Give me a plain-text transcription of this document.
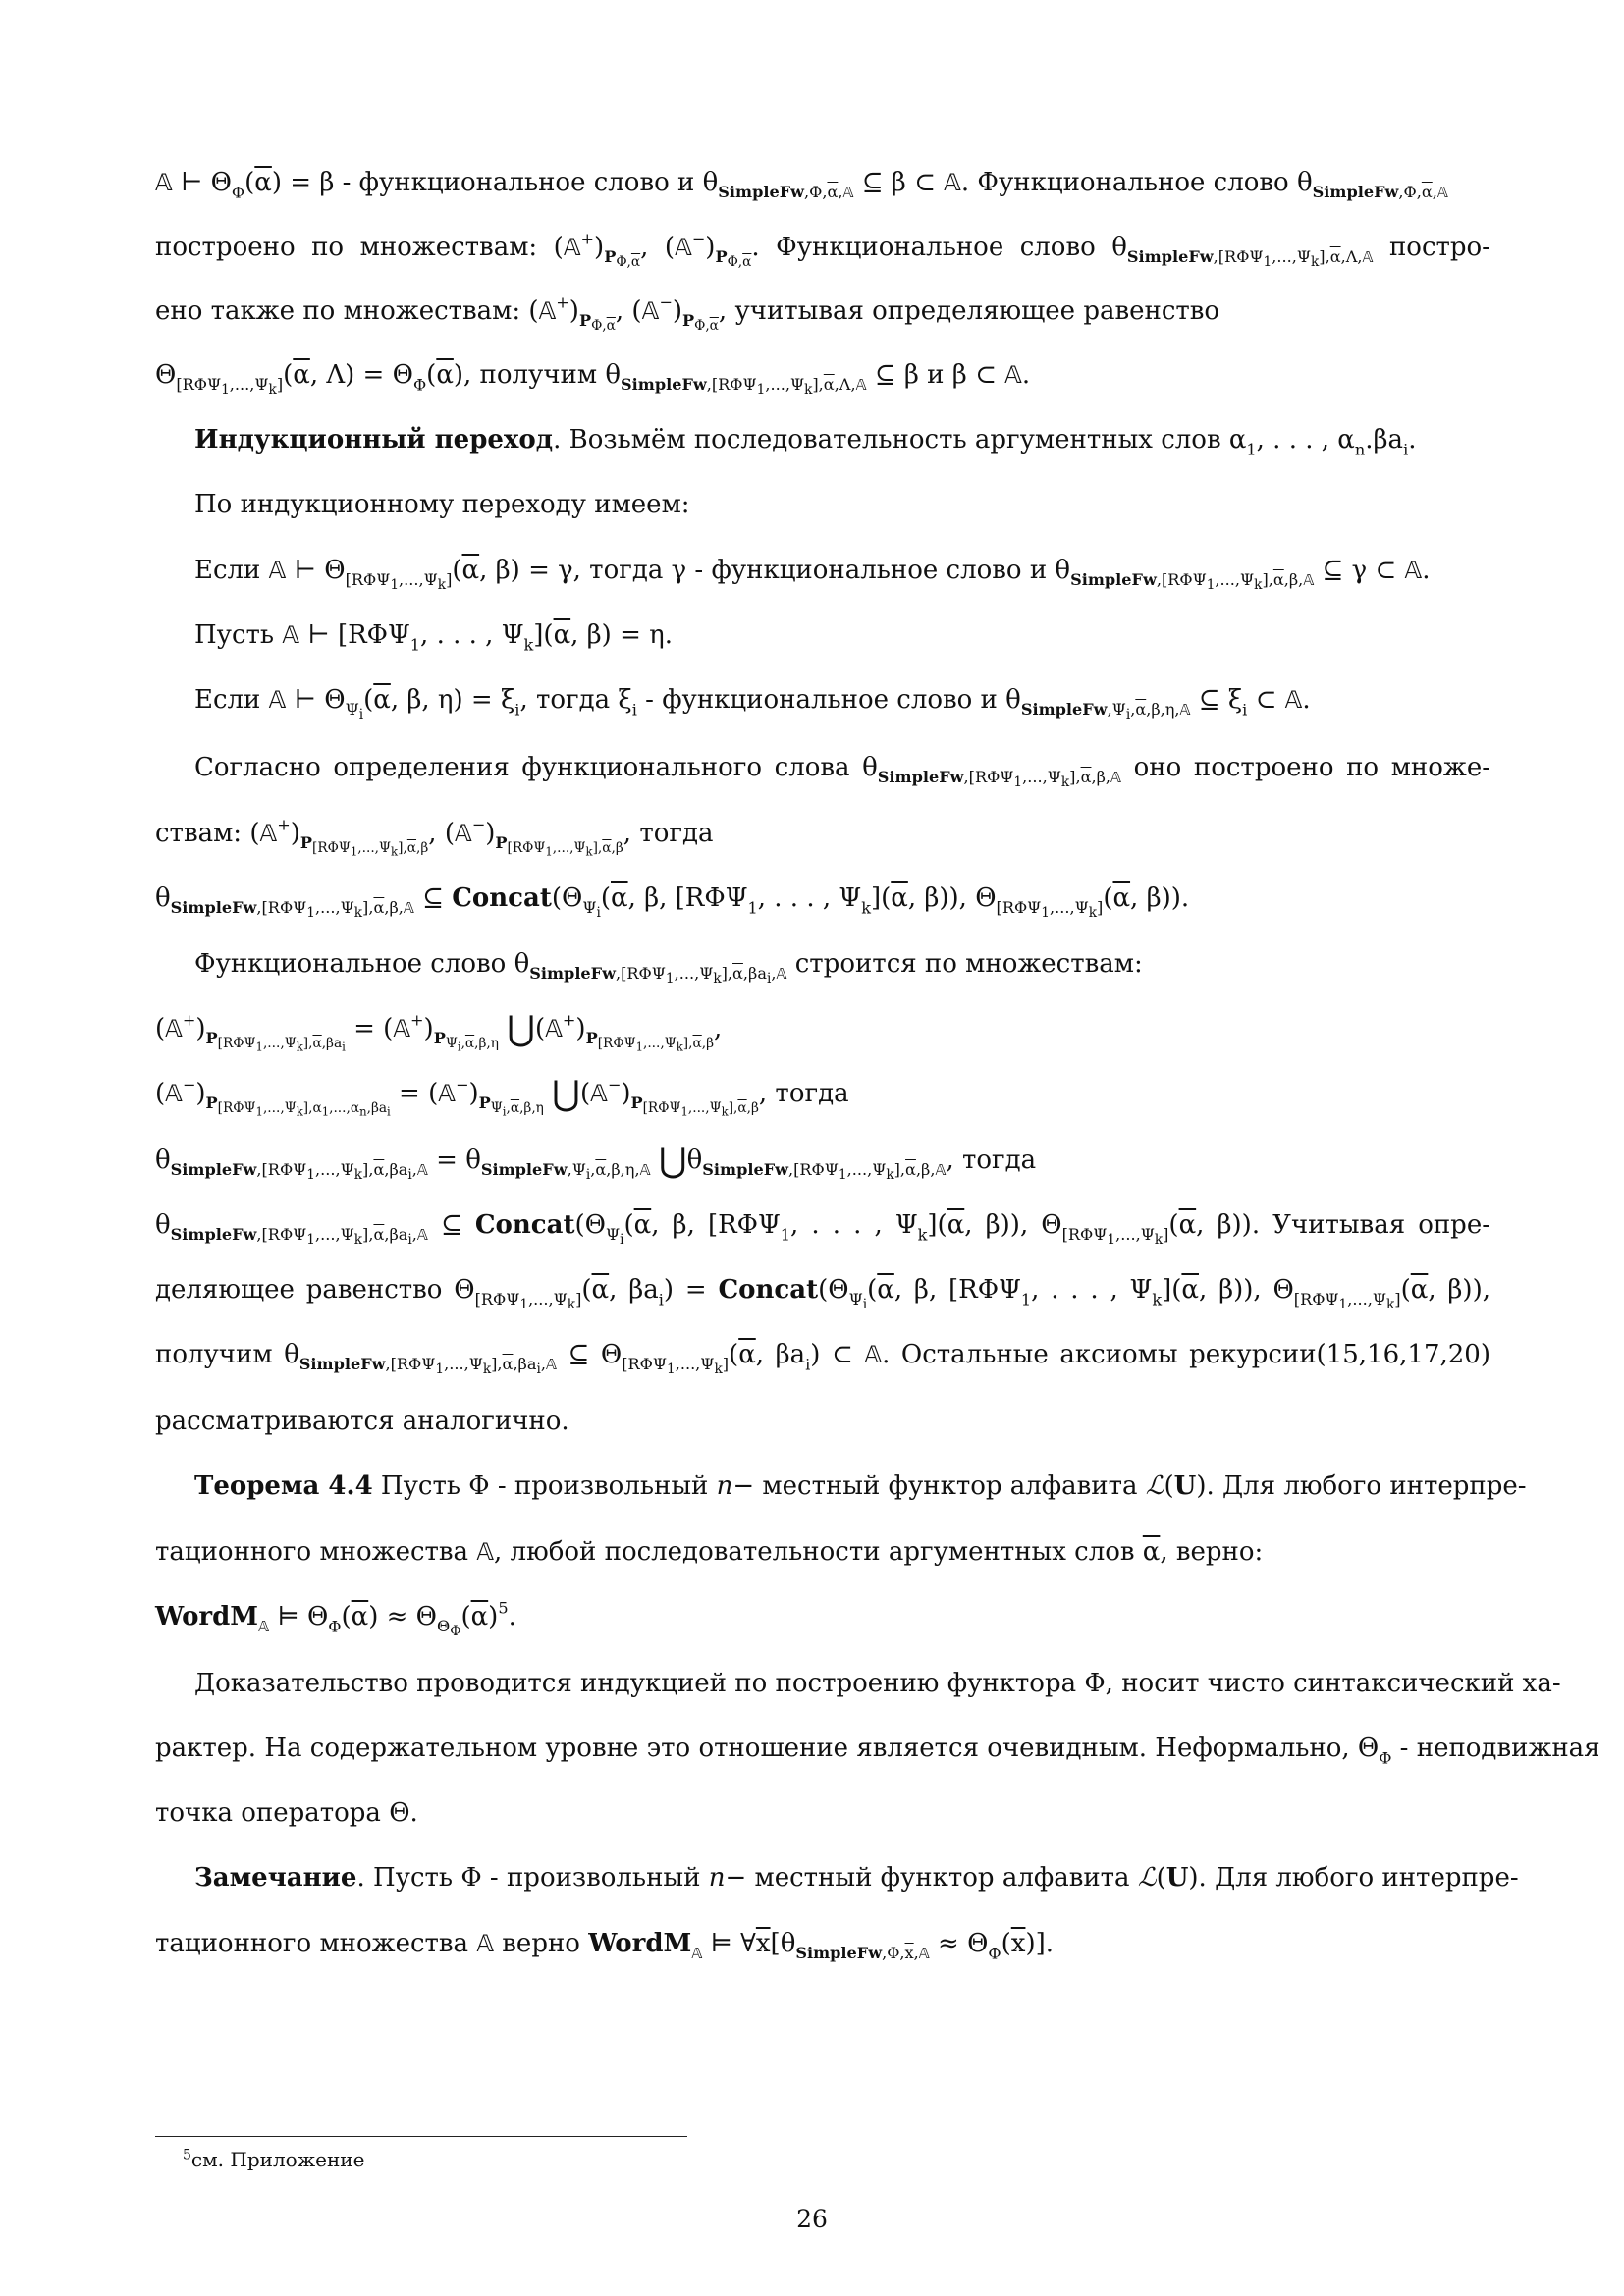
𝔸 ⊢ $\Theta_\Phi(\overline{\alpha}) = \beta$ - функциональное слово и $\theta_{SimpleFw,\Phi,\overline{\alpha},𝔸}$ ⊆ β ⊂ 𝔸. Функциональное слово $\theta_{SimpleFw,\Phi,\overline{\alpha},𝔸}$
построено по множествам: $(𝔸^+)_{P_{\Phi,\overline{\alpha}}}$, $(𝔸^-)_{P_{\Phi,\overline{\alpha}}}$. Функциональное слово $\theta_{SimpleFw,[R\Phi\Psi_1,...,\Psi_k],\overline{\alpha},\Lambda,𝔸}$ постро-
ено также по множествам: $(𝔸^+)_{P_{\Phi,\overline{\alpha}}}$, $(𝔸^-)_{P_{\Phi,\overline{\alpha}}}$, учитывая определяющее равенство
$\Theta_{[R\Phi\Psi_1,...,\Psi_k]}(\overline{\alpha}$, $\Lambda) = \Theta_\Phi(\overline{\alpha})$, получим $\theta_{SimpleFw,[R\Phi\Psi_1,...,\Psi_k],\overline{\alpha},\Lambda,𝔸}$ ⊆ β и β ⊂ 𝔸.
Индукционный переход. Возьмём последовательность аргументных слов $\alpha_1$, . . . , $\alpha_n.\beta a_i$.
По индукционному переходу имеем:
Если 𝔸 ⊢ $\Theta_{[R\Phi\Psi_1,...,\Psi_k]}(\overline{\alpha}$, β) = γ, тогда γ - функциональное слово и $\theta_{SimpleFw,[R\Phi\Psi_1,...,\Psi_k],\overline{\alpha},\beta,𝔸}$ ⊆ γ ⊂ 𝔸.
Пусть 𝔸 ⊢ [$R\Phi\Psi_1$, . . . , $\Psi_k](\overline{\alpha}$, β) = η.
Если 𝔸 ⊢ $\Theta_{\Psi_i}(\overline{\alpha}$, β, $\eta) = \xi_i$, тогда $\xi_i$ - функциональное слово и $\theta_{SimpleFw,\Psi_i,\overline{\alpha},\beta,\eta,𝔸}$ ⊆ $\xi_i$ ⊂ 𝔸.
Согласно определения функционального слова $\theta_{SimpleFw,[R\Phi\Psi_1,...,\Psi_k],\overline{\alpha},\beta,𝔸}$ оно построено по множе-
ствам: $(𝔸^+)_{P_{[R\Phi\Psi_1,...,\Psi_k],\overline{\alpha},\beta}}$, $(𝔸^-)_{P_{[R\Phi\Psi_1,...,\Psi_k],\overline{\alpha},\beta}}$, тогда
$\theta_{SimpleFw,[R\Phi\Psi_1,...,\Psi_k],\overline{\alpha},\beta,𝔸}$ ⊆ $Concat(\Theta_{\Psi_i}(\overline{\alpha}$, β, [$R\Phi\Psi_1$, . . . , $\Psi_k](\overline{\alpha}$, β)), $\Theta_{[R\Phi\Psi_1,...,\Psi_k]}(\overline{\alpha}$, β)).
Функциональное слово $\theta_{SimpleFw,[R\Phi\Psi_1,...,\Psi_k],\overline{\alpha},\beta a_i,𝔸}$ строится по множествам:
$(𝔸^+)_{P_{[R\Phi\Psi_1,...,\Psi_k],\overline{\alpha},\beta a_i}}$ = $(𝔸^+)_{P_{\Psi_i,\overline{\alpha},\beta,\eta}}$ $⋃(𝔸^+)_{P_{[R\Phi\Psi_1,...,\Psi_k],\overline{\alpha},\beta}}$,
$(𝔸^-)_{P_{[R\Phi\Psi_1,...,\Psi_k],\alpha_1,...,\alpha_n,\beta a_i}}$ = $(𝔸^-)_{P_{\Psi_i,\overline{\alpha},\beta,\eta}}$ $⋃(𝔸^-)_{P_{[R\Phi\Psi_1,...,\Psi_k],\overline{\alpha},\beta}}$, тогда
$\theta_{SimpleFw,[R\Phi\Psi_1,...,\Psi_k],\overline{\alpha},\beta a_i,𝔸} = \theta_{SimpleFw,\Psi_i,\overline{\alpha},\beta,\eta,𝔸}$ $⋃\theta_{SimpleFw,[R\Phi\Psi_1,...,\Psi_k],\overline{\alpha},\beta,𝔸}$, тогда
$\theta_{SimpleFw,[R\Phi\Psi_1,...,\Psi_k],\overline{\alpha},\beta a_i,𝔸}$ ⊆ $Concat(\Theta_{\Psi_i}(\overline{\alpha}$, β, [$R\Phi\Psi_1$, . . . , $\Psi_k](\overline{\alpha}$, β)), $\Theta_{[R\Phi\Psi_1,...,\Psi_k]}(\overline{\alpha}$, β)). Учитывая опре-
деляющее равенство $\Theta_{[R\Phi\Psi_1,...,\Psi_k]}(\overline{\alpha}$, $\beta a_i$) = $Concat(\Theta_{\Psi_i}(\overline{\alpha}$, β, [$R\Phi\Psi_1$, . . . , $\Psi_k](\overline{\alpha}$, β)), $\Theta_{[R\Phi\Psi_1,...,\Psi_k]}(\overline{\alpha}$, β)),
получим $\theta_{SimpleFw,[R\Phi\Psi_1,...,\Psi_k],\overline{\alpha},\beta a_i,𝔸}$ ⊆ $\Theta_{[R\Phi\Psi_1,...,\Psi_k]}(\overline{\alpha}$, $\beta a_i$) ⊂ 𝔸. Остальные аксиомы рекурсии(15,16,17,20)
рассматриваются аналогично.
Теорема 4.4 Пусть Φ - произвольный n− местный функтор алфавита ℒ(U). Для любого интерпре-
тационного множества 𝔸, любой последовательности аргументных слов $\overline{\alpha}$, верно:
WordM$_𝔸$ ⊨ $\Theta_\Phi(\overline{\alpha}) \approx \Theta_{\Theta_\Phi}(\overline{\alpha})^5$.
Доказательство проводится индукцией по построению функтора Φ, носит чисто синтаксический ха-
рактер. На содержательном уровне это отношение является очевидным. Неформально, $\Theta_\Phi$ - неподвижная
точка оператора Θ.
Замечание. Пусть Φ - произвольный n− местный функтор алфавита ℒ(U). Для любого интерпре-
тационного множества 𝔸 верно WordM$_𝔸$ ⊨ $\forall\overline{x}[\theta_{SimpleFw,\Phi,\overline{x},𝔸} \approx \Theta_\Phi(\overline{x})]$.
$^5$см. Приложение
26
